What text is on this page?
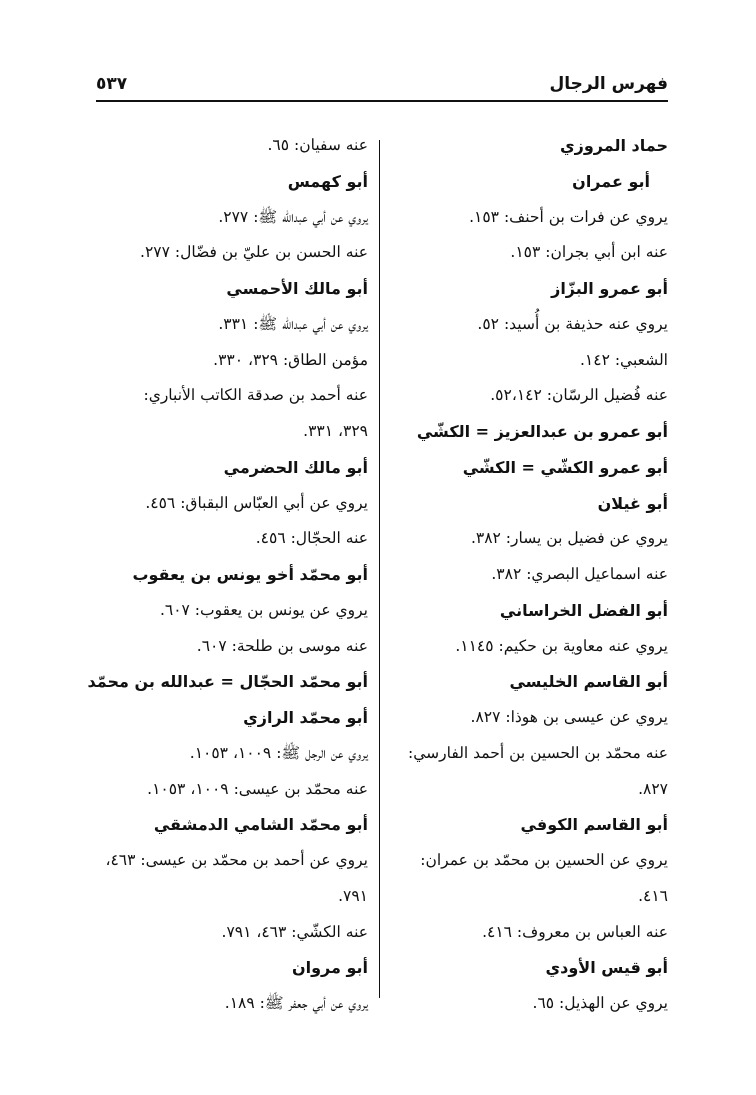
فهرس الرجال
٥٣٧
حماد المروزي
أبو عمران
يروي عن فرات بن أحنف: ١٥٣.
عنه ابن أبي بجران: ١٥٣.
أبو عمرو البزّاز
يروي عنه حذيفة بن أُسيد: ٥٢.
الشعبي: ١٤٢.
عنه فُضيل الرسّان: ٥٢،١٤٢.
أبو عمرو بن عبدالعزيز = الكشّي
أبو عمرو الكشّي = الكشّي
أبو غيلان
يروي عن فضيل بن يسار: ٣٨٢.
عنه اسماعيل البصري: ٣٨٢.
أبو الفضل الخراساني
يروي عنه معاوية بن حكيم: ١١٤٥.
أبو القاسم الخليسي
يروي عن عيسى بن هوذا: ٨٢٧.
عنه محمّد بن الحسين بن أحمد الفارسي:
٨٢٧.
أبو القاسم الكوفي
يروي عن الحسين بن محمّد بن عمران:
٤١٦.
عنه العباس بن معروف: ٤١٦.
أبو قيس الأودي
يروي عن الهذيل: ٦٥.
عنه سفيان: ٦٥.
أبو كهمس
يروي عن أبي عبدالله ﷺ: ٢٧٧.
عنه الحسن بن عليّ بن فضّال: ٢٧٧.
أبو مالك الأحمسي
يروي عن أبي عبدالله ﷺ: ٣٣١.
مؤمن الطاق: ٣٢٩، ٣٣٠.
عنه أحمد بن صدقة الكاتب الأنباري:
٣٢٩، ٣٣١.
أبو مالك الحضرمي
يروي عن أبي العبّاس البقباق: ٤٥٦.
عنه الحجّال: ٤٥٦.
أبو محمّد أخو يونس بن يعقوب
يروي عن يونس بن يعقوب: ٦٠٧.
عنه موسى بن طلحة: ٦٠٧.
أبو محمّد الحجّال = عبدالله بن محمّد
أبو محمّد الرازي
يروي عن الرجل ﷺ: ١٠٠٩، ١٠٥٣.
عنه محمّد بن عيسى: ١٠٠٩، ١٠٥٣.
أبو محمّد الشامي الدمشقي
يروي عن أحمد بن محمّد بن عيسى: ٤٦٣،
٧٩١.
عنه الكشّي: ٤٦٣، ٧٩١.
أبو مروان
يروي عن أبي جعفر ﷺ: ١٨٩.
